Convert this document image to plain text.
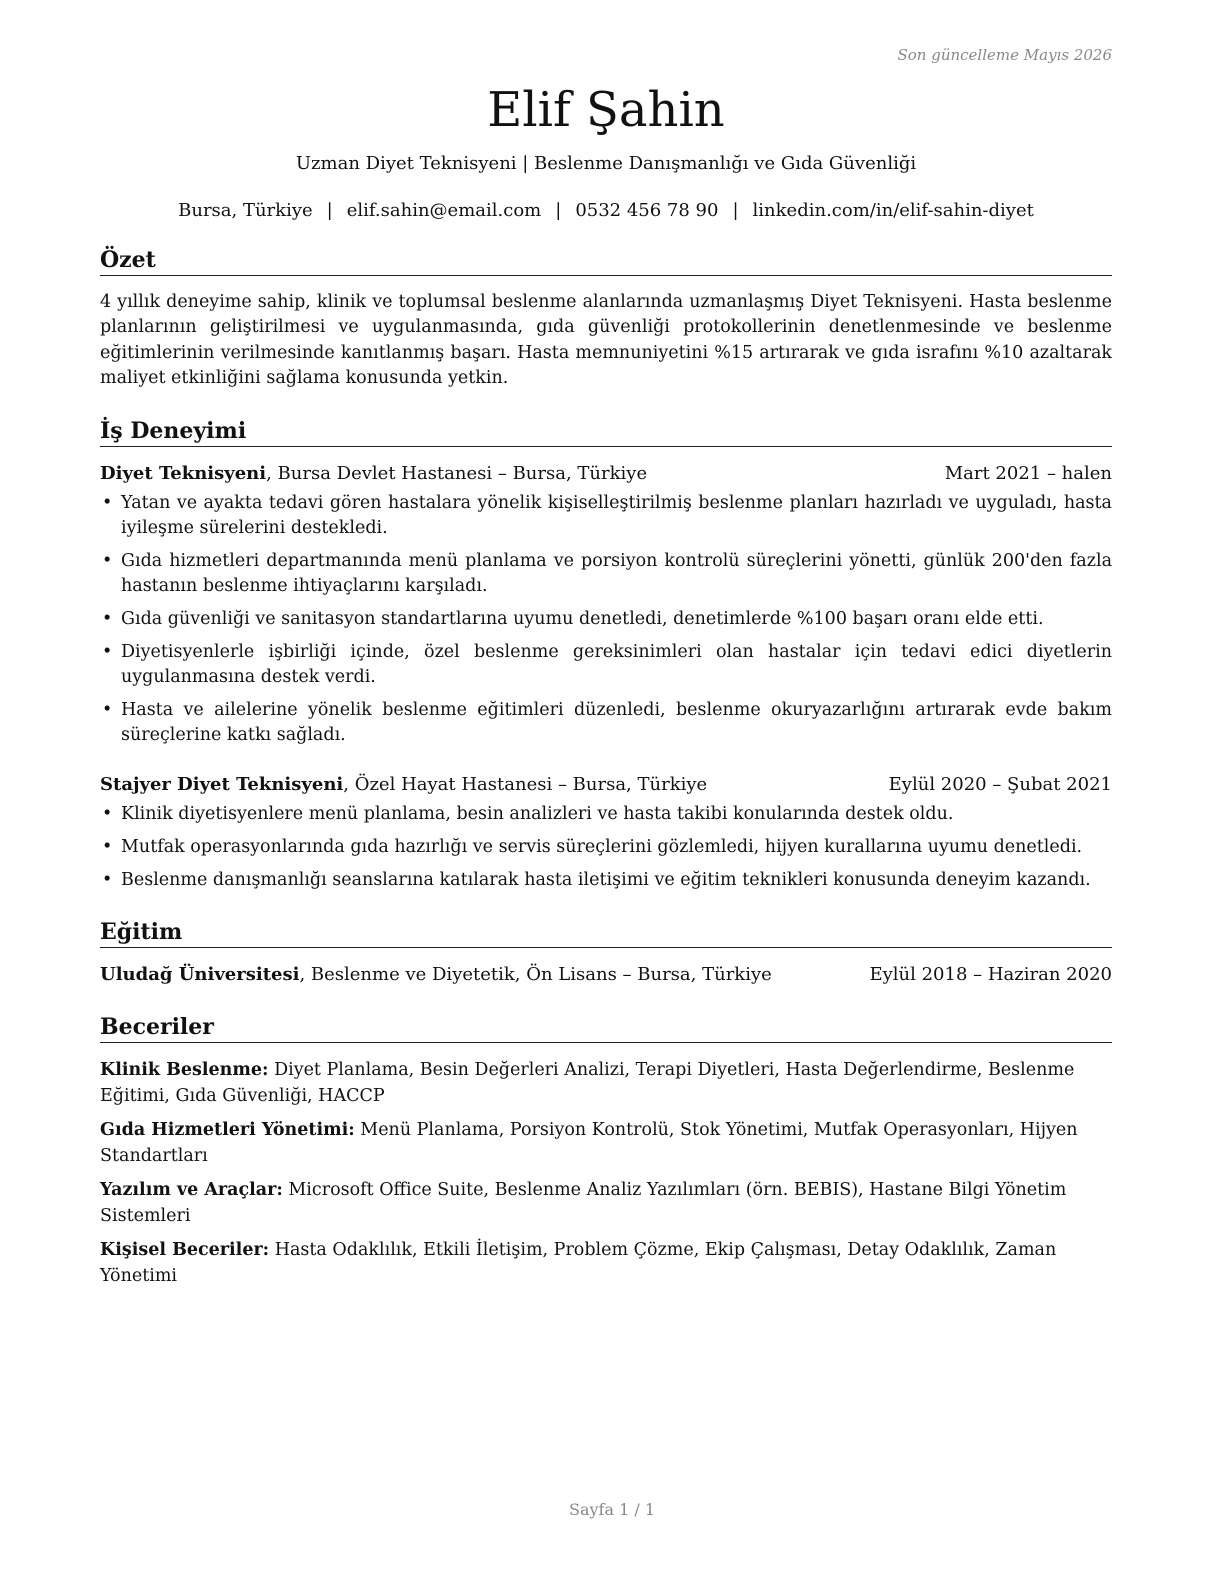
Son güncelleme Mayıs 2026
Elif Şahin
Uzman Diyet Teknisyeni | Beslenme Danışmanlığı ve Gıda Güvenliği
Bursa, Türkiye | elif.sahin@email.com | 0532 456 78 90 | linkedin.com/in/elif-sahin-diyet
Özet
4 yıllık deneyime sahip, klinik ve toplumsal beslenme alanlarında uzmanlaşmış Diyet Teknisyeni. Hasta beslenme planlarının geliştirilmesi ve uygulanmasında, gıda güvenliği protokollerinin denetlenmesinde ve beslenme eğitimlerinin verilmesinde kanıtlanmış başarı. Hasta memnuniyetini %15 artırarak ve gıda israfını %10 azaltarak maliyet etkinliğini sağlama konusunda yetkin.
İş Deneyimi
Diyet Teknisyeni, Bursa Devlet Hastanesi – Bursa, Türkiye	Mart 2021 – halen
• Yatan ve ayakta tedavi gören hastalara yönelik kişiselleştirilmiş beslenme planları hazırladı ve uyguladı, hasta iyileşme sürelerini destekledi.
• Gıda hizmetleri departmanında menü planlama ve porsiyon kontrolü süreçlerini yönetti, günlük 200'den fazla hastanın beslenme ihtiyaçlarını karşıladı.
• Gıda güvenliği ve sanitasyon standartlarına uyumu denetledi, denetimlerde %100 başarı oranı elde etti.
• Diyetisyenlerle işbirliği içinde, özel beslenme gereksinimleri olan hastalar için tedavi edici diyetlerin uygulanmasına destek verdi.
• Hasta ve ailelerine yönelik beslenme eğitimleri düzenledi, beslenme okuryazarlığını artırarak evde bakım süreçlerine katkı sağladı.
Stajyer Diyet Teknisyeni, Özel Hayat Hastanesi – Bursa, Türkiye	Eylül 2020 – Şubat 2021
• Klinik diyetisyenlere menü planlama, besin analizleri ve hasta takibi konularında destek oldu.
• Mutfak operasyonlarında gıda hazırlığı ve servis süreçlerini gözlemledi, hijyen kurallarına uyumu denetledi.
• Beslenme danışmanlığı seanslarına katılarak hasta iletişimi ve eğitim teknikleri konusunda deneyim kazandı.
Eğitim
Uludağ Üniversitesi, Beslenme ve Diyetetik, Ön Lisans – Bursa, Türkiye	Eylül 2018 – Haziran 2020
Beceriler
Klinik Beslenme: Diyet Planlama, Besin Değerleri Analizi, Terapi Diyetleri, Hasta Değerlendirme, Beslenme Eğitimi, Gıda Güvenliği, HACCP
Gıda Hizmetleri Yönetimi: Menü Planlama, Porsiyon Kontrolü, Stok Yönetimi, Mutfak Operasyonları, Hijyen Standartları
Yazılım ve Araçlar: Microsoft Office Suite, Beslenme Analiz Yazılımları (örn. BEBIS), Hastane Bilgi Yönetim Sistemleri
Kişisel Beceriler: Hasta Odaklılık, Etkili İletişim, Problem Çözme, Ekip Çalışması, Detay Odaklılık, Zaman Yönetimi
Sayfa 1 / 1
